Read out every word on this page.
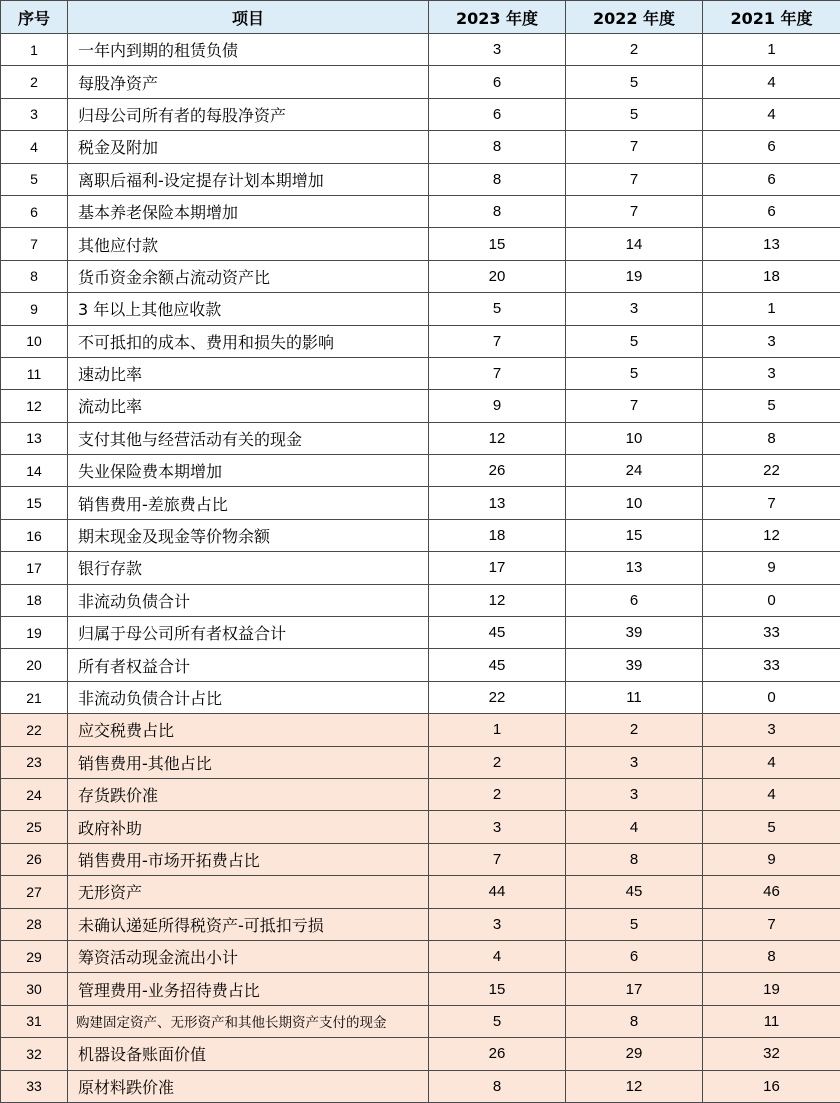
序号	项目	2023 年度	2022 年度	2021 年度
1	一年内到期的租赁负债	3	2	1
2	每股净资产	6	5	4
3	归母公司所有者的每股净资产	6	5	4
4	税金及附加	8	7	6
5	离职后福利-设定提存计划本期增加	8	7	6
6	基本养老保险本期增加	8	7	6
7	其他应付款	15	14	13
8	货币资金余额占流动资产比	20	19	18
9	3 年以上其他应收款	5	3	1
10	不可抵扣的成本、费用和损失的影响	7	5	3
11	速动比率	7	5	3
12	流动比率	9	7	5
13	支付其他与经营活动有关的现金	12	10	8
14	失业保险费本期增加	26	24	22
15	销售费用-差旅费占比	13	10	7
16	期末现金及现金等价物余额	18	15	12
17	银行存款	17	13	9
18	非流动负债合计	12	6	0
19	归属于母公司所有者权益合计	45	39	33
20	所有者权益合计	45	39	33
21	非流动负债合计占比	22	11	0
22	应交税费占比	1	2	3
23	销售费用-其他占比	2	3	4
24	存货跌价准	2	3	4
25	政府补助	3	4	5
26	销售费用-市场开拓费占比	7	8	9
27	无形资产	44	45	46
28	未确认递延所得税资产-可抵扣亏损	3	5	7
29	筹资活动现金流出小计	4	6	8
30	管理费用-业务招待费占比	15	17	19
31	购建固定资产、无形资产和其他长期资产支付的现金	5	8	11
32	机器设备账面价值	26	29	32
33	原材料跌价准	8	12	16
